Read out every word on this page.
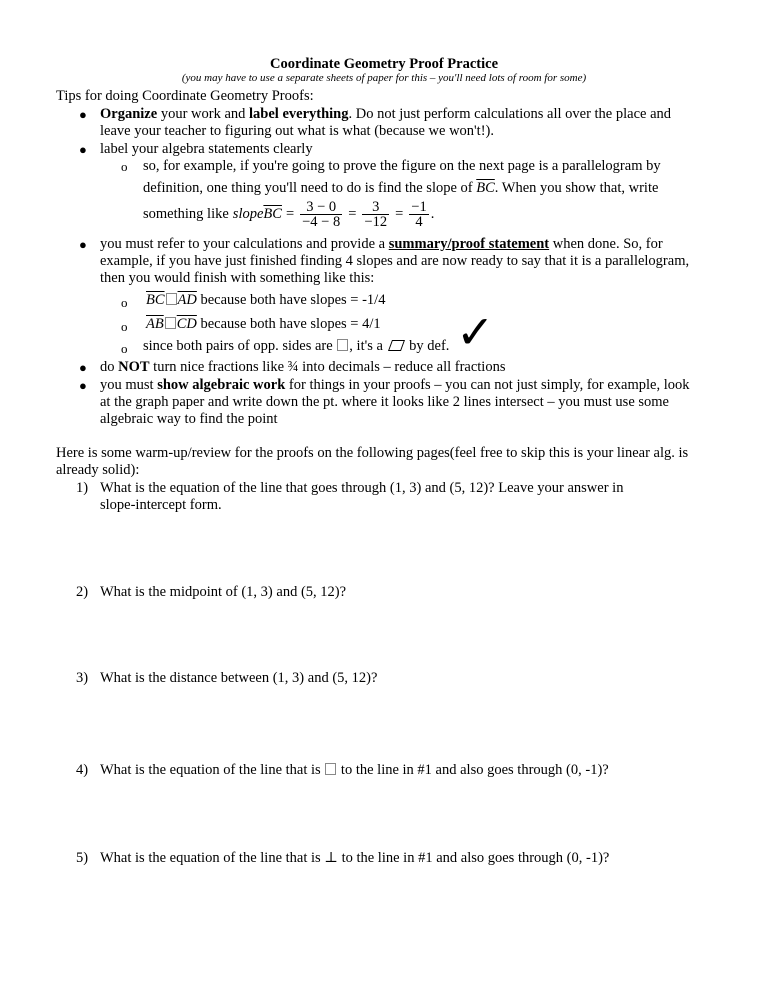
Coordinate Geometry Proof Practice
(you may have to use a separate sheets of paper for this – you'll need lots of room for some)
Tips for doing Coordinate Geometry Proofs:
● Organize your work and label everything. Do not just perform calculations all over the place and
leave your teacher to figuring out what is what (because we won't!).
● label your algebra statements clearly
o so, for example, if you're going to prove the figure on the next page is a parallelogram by
definition, one thing you'll need to do is find the slope of $\overline{BC}$. When you show that, write
something like slope $\overline{BC} = \frac{3 - 0}{-4 - 8} = \frac{3}{-12} = \frac{-1}{4}$ .
● you must refer to your calculations and provide a summary/proof statement when done. So, for
example, if you have just finished finding 4 slopes and are now ready to say that it is a parallelogram,
then you would finish with something like this:
o $\overline{BC}$ $\overline{AD}$ because both have slopes = -1/4
o $\overline{AB}$ $\overline{CD}$ because both have slopes = 4/1
o since both pairs of opp. sides are , it's a  by def. ✓
● do NOT turn nice fractions like ¾ into decimals – reduce all fractions
● you must show algebraic work for things in your proofs – you can not just simply, for example, look
at the graph paper and write down the pt. where it looks like 2 lines intersect – you must use some
algebraic way to find the point
Here is some warm-up/review for the proofs on the following pages(feel free to skip this is your linear alg. is
already solid):
1) What is the equation of the line that goes through (1, 3) and (5, 12)? Leave your answer in
slope-intercept form.
2) What is the midpoint of (1, 3) and (5, 12)?
3) What is the distance between (1, 3) and (5, 12)?
4) What is the equation of the line that is  to the line in #1 and also goes through (0, -1)?
5) What is the equation of the line that is ⊥ to the line in #1 and also goes through (0, -1)?
